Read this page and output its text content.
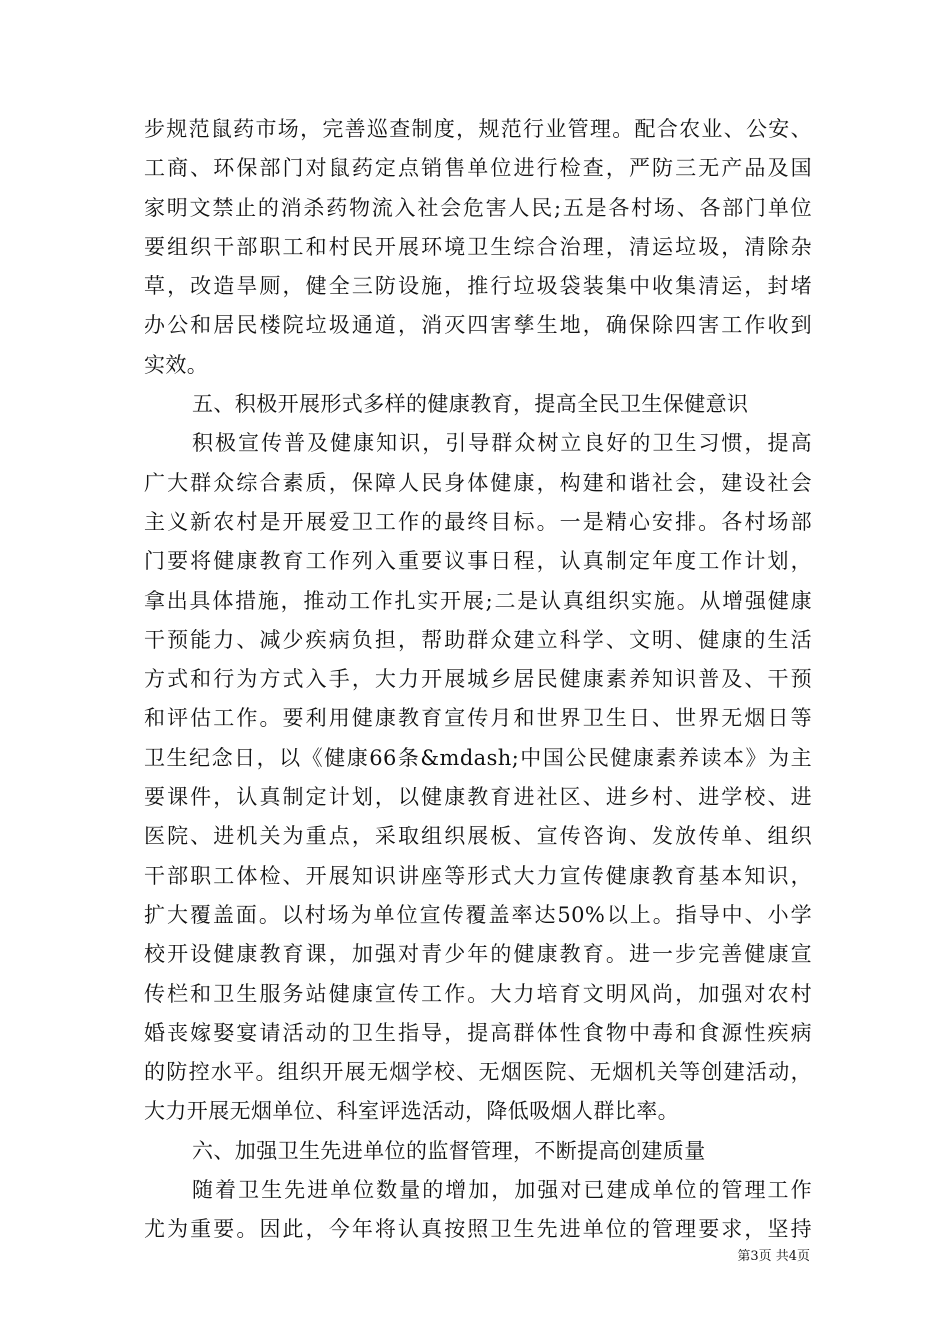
步规范鼠药市场，完善巡查制度，规范行业管理。配合农业、公安、
工商、环保部门对鼠药定点销售单位进行检查，严防三无产品及国
家明文禁止的消杀药物流入社会危害人民;五是各村场、各部门单位
要组织干部职工和村民开展环境卫生综合治理，清运垃圾，清除杂
草，改造旱厕，健全三防设施，推行垃圾袋装集中收集清运，封堵
办公和居民楼院垃圾通道，消灭四害孳生地，确保除四害工作收到
实效。
五、积极开展形式多样的健康教育，提高全民卫生保健意识
积极宣传普及健康知识，引导群众树立良好的卫生习惯，提高
广大群众综合素质，保障人民身体健康，构建和谐社会，建设社会
主义新农村是开展爱卫工作的最终目标。一是精心安排。各村场部
门要将健康教育工作列入重要议事日程，认真制定年度工作计划，
拿出具体措施，推动工作扎实开展;二是认真组织实施。从增强健康
干预能力、减少疾病负担，帮助群众建立科学、文明、健康的生活
方式和行为方式入手，大力开展城乡居民健康素养知识普及、干预
和评估工作。要利用健康教育宣传月和世界卫生日、世界无烟日等
卫生纪念日，以《健康66条&mdash;中国公民健康素养读本》为主
要课件，认真制定计划，以健康教育进社区、进乡村、进学校、进
医院、进机关为重点，采取组织展板、宣传咨询、发放传单、组织
干部职工体检、开展知识讲座等形式大力宣传健康教育基本知识，
扩大覆盖面。以村场为单位宣传覆盖率达50%以上。指导中、小学
校开设健康教育课，加强对青少年的健康教育。进一步完善健康宣
传栏和卫生服务站健康宣传工作。大力培育文明风尚，加强对农村
婚丧嫁娶宴请活动的卫生指导，提高群体性食物中毒和食源性疾病
的防控水平。组织开展无烟学校、无烟医院、无烟机关等创建活动，
大力开展无烟单位、科室评选活动，降低吸烟人群比率。
六、加强卫生先进单位的监督管理，不断提高创建质量
随着卫生先进单位数量的增加，加强对已建成单位的管理工作
尤为重要。因此，今年将认真按照卫生先进单位的管理要求，坚持
第3页 共4页
